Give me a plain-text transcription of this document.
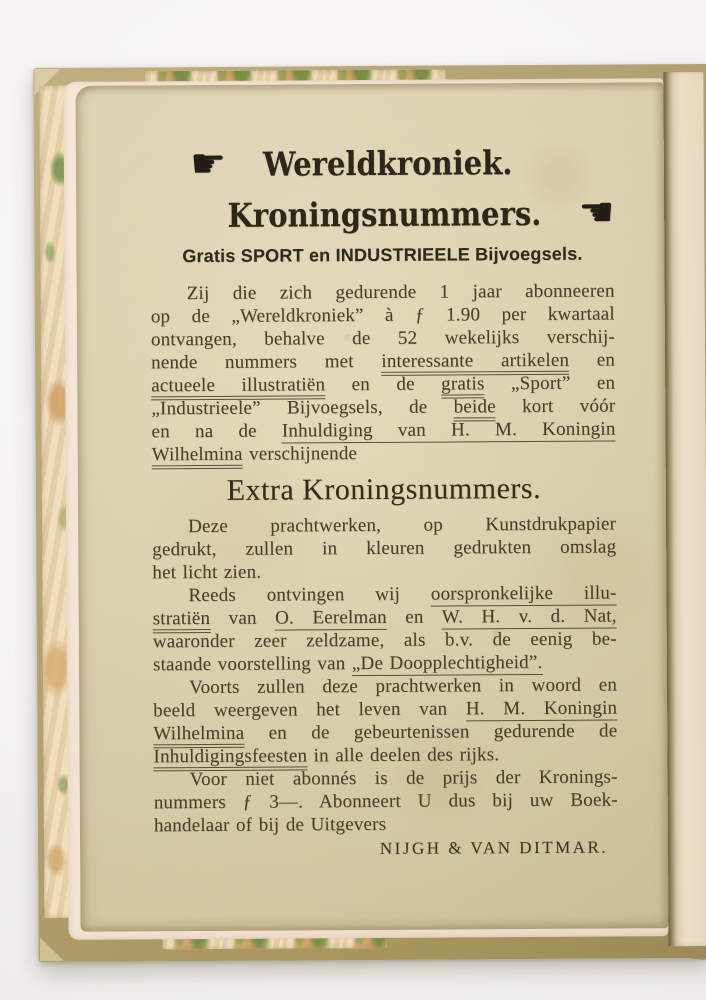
☛ Wereldkroniek.
Kroningsnummers. ☚
Gratis SPORT en INDUSTRIEELE Bijvoegsels.
Zij die zich gedurende 1 jaar abonneeren
op de „Wereldkroniek” à ƒ 1.90 per kwartaal
ontvangen, behalve de 52 wekelijks verschij-
nende nummers met interessante artikelen en
actueele illustratiën en de gratis „Sport” en
„Industrieele” Bijvoegsels, de beide kort vóór
en na de Inhuldiging van H. M. Koningin
Wilhelmina verschijnende
Extra Kroningsnummers.
Deze prachtwerken, op Kunstdrukpapier
gedrukt, zullen in kleuren gedrukten omslag
het licht zien.
Reeds ontvingen wij oorspronkelijke illu-
stratiën van O. Eerelman en W. H. v. d. Nat,
waaronder zeer zeldzame, als b.v. de eenig be-
staande voorstelling van „De Doopplechtigheid”.
Voorts zullen deze prachtwerken in woord en
beeld weergeven het leven van H. M. Koningin
Wilhelmina en de gebeurtenissen gedurende de
Inhuldigingsfeesten in alle deelen des rijks.
Voor niet abonnés is de prijs der Kronings-
nummers ƒ 3—. Abonneert U dus bij uw Boek-
handelaar of bij de Uitgevers
NIJGH & VAN DITMAR.
